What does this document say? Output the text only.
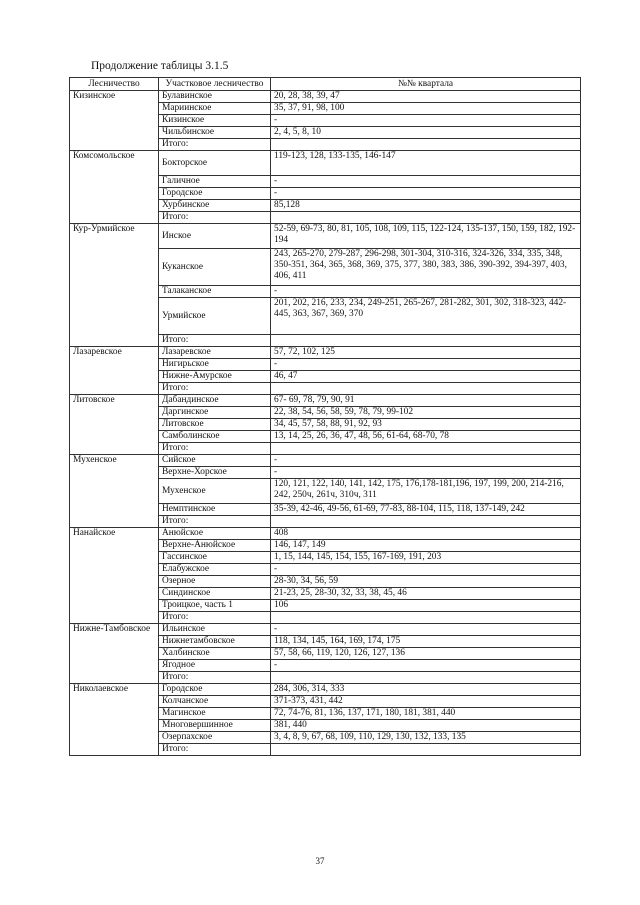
Продолжение таблицы 3.1.5
Лесничество	Участковое лесничество	№№ квартала
Кизинское	Булавинское	20, 28, 38, 39, 47
	Мариинское	35, 37, 91, 98, 100
	Кизинское	-
	Чильбинское	2, 4, 5, 8, 10
	Итого:	
Комсомольское	Бокторское	119-123, 128, 133-135, 146-147
	Галичное	-
	Городское	-
	Хурбинское	85,128
	Итого:	
Кур-Урмийское	Инское	52-59, 69-73, 80, 81, 105, 108, 109, 115, 122-124, 135-137, 150, 159, 182, 192-194
	Куканское	243, 265-270, 279-287, 296-298, 301-304, 310-316, 324-326, 334, 335, 348, 350-351, 364, 365, 368, 369, 375, 377, 380, 383, 386, 390-392, 394-397, 403, 406, 411
	Талаканское	-
	Урмийское	201, 202, 216, 233, 234, 249-251, 265-267, 281-282, 301, 302, 318-323, 442-445, 363, 367, 369, 370
	Итого:	
Лазаревское	Лазаревское	57, 72, 102, 125
	Нигирьское	-
	Нижне-Амурское	46, 47
	Итого:	
Литовское	Дабандинское	67- 69, 78, 79, 90, 91
	Даргинское	22, 38, 54, 56, 58, 59, 78, 79, 99-102
	Литовское	34, 45, 57, 58, 88, 91, 92, 93
	Самболинское	13, 14, 25, 26, 36, 47, 48, 56, 61-64, 68-70, 78
	Итого:	
Мухенское	Сийское	-
	Верхне-Хорское	-
	Мухенское	120, 121, 122, 140, 141, 142, 175, 176,178-181,196, 197, 199, 200, 214-216, 242, 250ч, 261ч, 310ч, 311
	Немптинское	35-39, 42-46, 49-56, 61-69, 77-83, 88-104, 115, 118, 137-149, 242
	Итого:	
Нанайское	Анюйское	408
	Верхне-Анюйское	146, 147, 149
	Гассинское	1, 15, 144, 145, 154, 155, 167-169, 191, 203
	Елабужское	-
	Озерное	28-30, 34, 56, 59
	Синдинское	21-23, 25, 28-30, 32, 33, 38, 45, 46
	Троицкое, часть 1	106
	Итого:	
Нижне-Тамбовское	Ильинское	-
	Нижнетамбовское	118, 134, 145, 164, 169, 174, 175
	Халбинское	57, 58, 66, 119, 120, 126, 127, 136
	Ягодное	-
	Итого:	
Николаевское	Городское	284, 306, 314, 333
	Колчанское	371-373, 431, 442
	Магинское	72, 74-76, 81, 136, 137, 171, 180, 181, 381, 440
	Многовершинное	381, 440
	Озерпахское	3, 4, 8, 9, 67, 68, 109, 110, 129, 130, 132, 133, 135
	Итого:	
37
